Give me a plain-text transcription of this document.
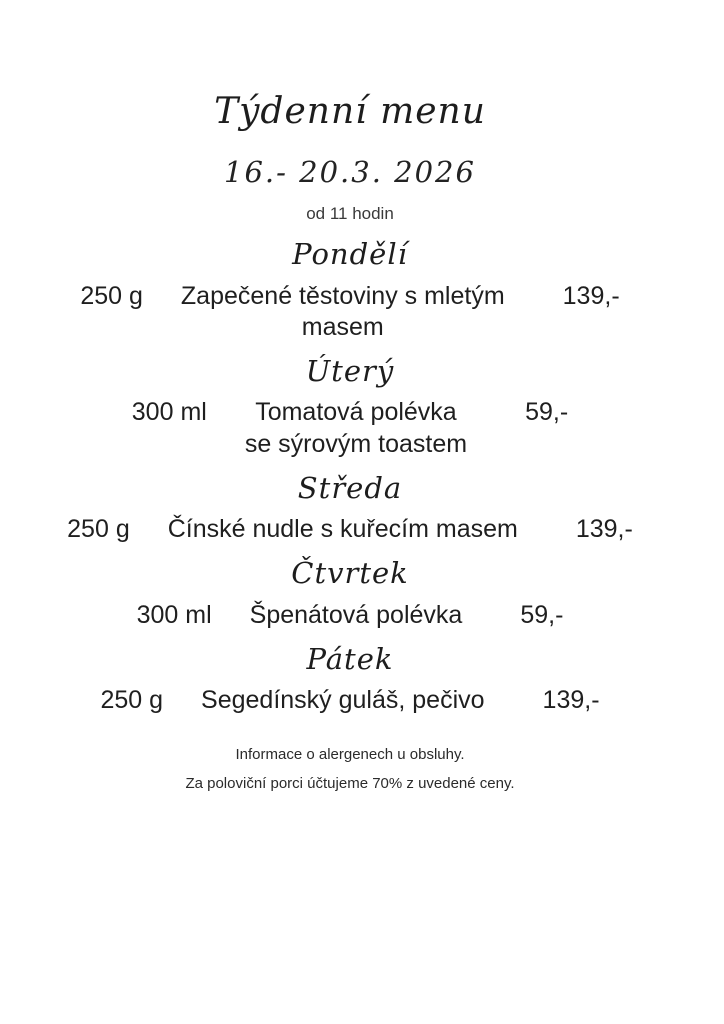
Týdenní menu
16.- 20.3. 2026
od 11 hodin
Pondělí
250 g Zapečené těstoviny s mletým
masem
139,-
Úterý
300 ml	Tomatová polévka
se sýrovým toastem
59,-
Středa
250 g Čínské nudle s kuřecím masem 139,-
Čtvrtek
300 ml Špenátová polévka 59,-
Pátek
250 g Segedínský guláš, pečivo 139,-
Informace o alergenech u obsluhy.
Za poloviční porci účtujeme 70% z uvedené ceny.
